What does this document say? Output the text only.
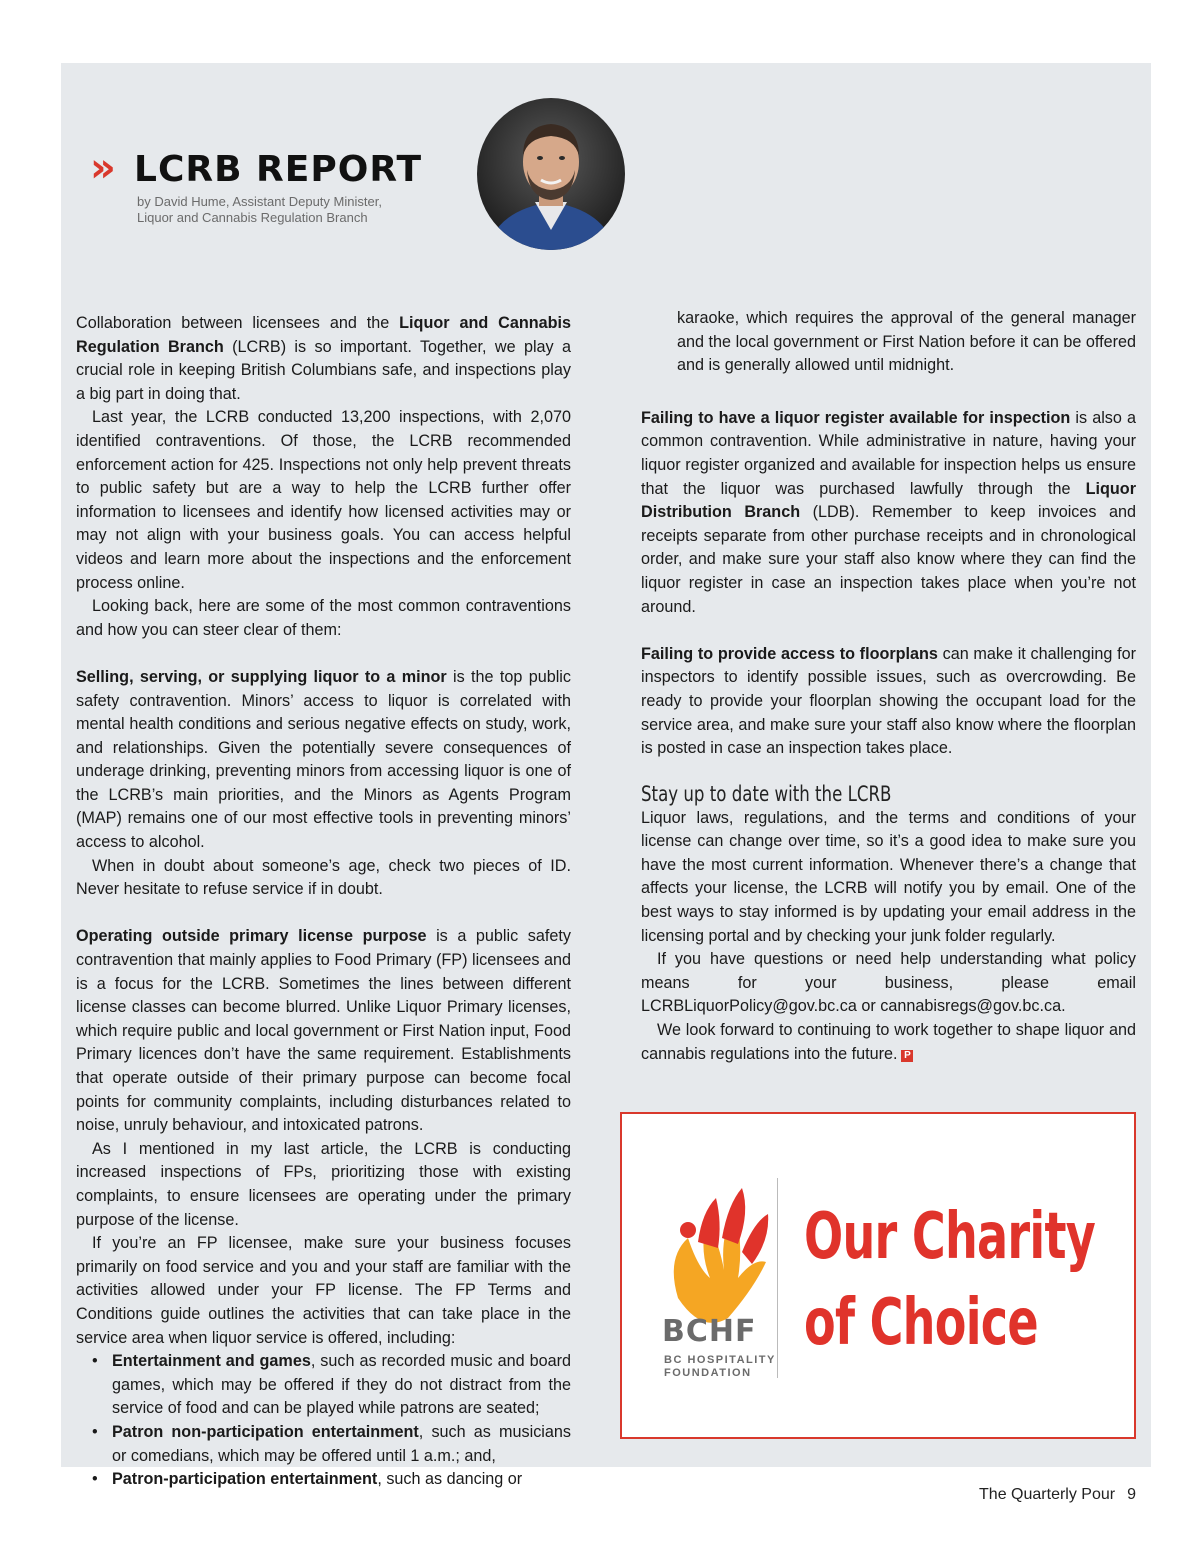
» LCRB REPORT
by David Hume, Assistant Deputy Minister,
Liquor and Cannabis Regulation Branch

Collaboration between licensees and the Liquor and Cannabis Regulation Branch (LCRB) is so important. Together, we play a crucial role in keeping British Columbians safe, and inspections play a big part in doing that.

Last year, the LCRB conducted 13,200 inspections, with 2,070 identified contraventions. Of those, the LCRB recommended enforcement action for 425. Inspections not only help prevent threats to public safety but are a way to help the LCRB further offer information to licensees and identify how licensed activities may or may not align with your business goals. You can access helpful videos and learn more about the inspections and the enforcement process online.

Looking back, here are some of the most common contraventions and how you can steer clear of them:

Selling, serving, or supplying liquor to a minor is the top public safety contravention. Minors’ access to liquor is correlated with mental health conditions and serious negative effects on study, work, and relationships. Given the potentially severe consequences of underage drinking, preventing minors from accessing liquor is one of the LCRB’s main priorities, and the Minors as Agents Program (MAP) remains one of our most effective tools in preventing minors’ access to alcohol.

When in doubt about someone’s age, check two pieces of ID. Never hesitate to refuse service if in doubt.

Operating outside primary license purpose is a public safety contravention that mainly applies to Food Primary (FP) licensees and is a focus for the LCRB. Sometimes the lines between different license classes can become blurred. Unlike Liquor Primary licenses, which require public and local government or First Nation input, Food Primary licences don’t have the same requirement. Establishments that operate outside of their primary purpose can become focal points for community complaints, including disturbances related to noise, unruly behaviour, and intoxicated patrons.

As I mentioned in my last article, the LCRB is conducting increased inspections of FPs, prioritizing those with existing complaints, to ensure licensees are operating under the primary purpose of the license.

If you’re an FP licensee, make sure your business focuses primarily on food service and you and your staff are familiar with the activities allowed under your FP license. The FP Terms and Conditions guide outlines the activities that can take place in the service area when liquor service is offered, including:

• Entertainment and games, such as recorded music and board games, which may be offered if they do not distract from the service of food and can be played while patrons are seated;
• Patron non-participation entertainment, such as musicians or comedians, which may be offered until 1 a.m.; and,
• Patron-participation entertainment, such as dancing or

karaoke, which requires the approval of the general manager and the local government or First Nation before it can be offered and is generally allowed until midnight.

Failing to have a liquor register available for inspection is also a common contravention. While administrative in nature, having your liquor register organized and available for inspection helps us ensure that the liquor was purchased lawfully through the Liquor Distribution Branch (LDB). Remember to keep invoices and receipts separate from other purchase receipts and in chronological order, and make sure your staff also know where they can find the liquor register in case an inspection takes place when you’re not around.

Failing to provide access to floorplans can make it challenging for inspectors to identify possible issues, such as overcrowding. Be ready to provide your floorplan showing the occupant load for the service area, and make sure your staff also know where the floorplan is posted in case an inspection takes place.

Stay up to date with the LCRB

Liquor laws, regulations, and the terms and conditions of your license can change over time, so it’s a good idea to make sure you have the most current information. Whenever there’s a change that affects your license, the LCRB will notify you by email. One of the best ways to stay informed is by updating your email address in the licensing portal and by checking your junk folder regularly.

If you have questions or need help understanding what policy means for your business, please email LCRBLiquorPolicy@gov.bc.ca or cannabisregs@gov.bc.ca.

We look forward to continuing to work together to shape liquor and cannabis regulations into the future. P

BCHF
BC HOSPITALITY
FOUNDATION
Our Charity
of Choice
The Quarterly Pour 9
